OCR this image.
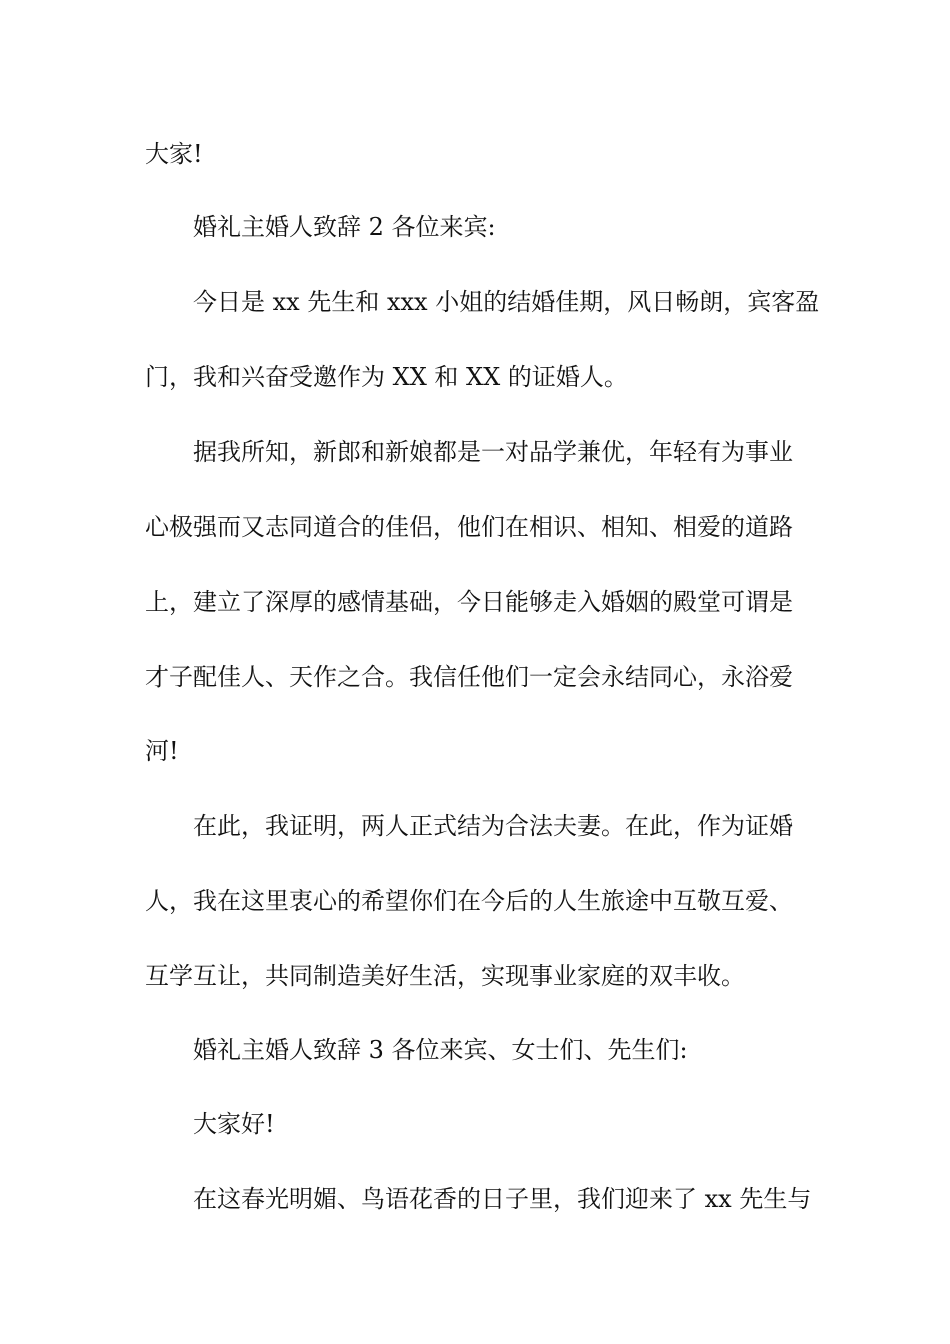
大家!
婚礼主婚人致辞 2 各位来宾:
今日是 xx 先生和 xxx 小姐的结婚佳期，风日畅朗，宾客盈
门，我和兴奋受邀作为 XX 和 XX 的证婚人。
据我所知，新郎和新娘都是一对品学兼优，年轻有为事业
心极强而又志同道合的佳侣，他们在相识、相知、相爱的道路
上，建立了深厚的感情基础，今日能够走入婚姻的殿堂可谓是
才子配佳人、天作之合。我信任他们一定会永结同心，永浴爱
河!
在此，我证明，两人正式结为合法夫妻。在此，作为证婚
人，我在这里衷心的希望你们在今后的人生旅途中互敬互爱、
互学互让，共同制造美好生活，实现事业家庭的双丰收。
婚礼主婚人致辞 3 各位来宾、女士们、先生们:
大家好!
在这春光明媚、鸟语花香的日子里，我们迎来了 xx 先生与
